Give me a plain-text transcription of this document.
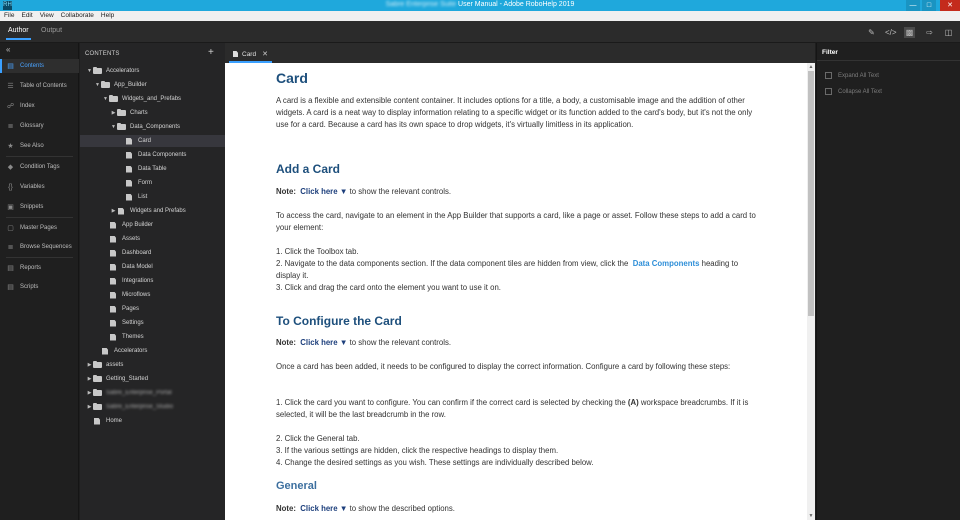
RH	Sabre Enterprise Suite User Manual - Adobe RoboHelp 2019	—	□	✕
File Edit View Collaborate Help
Author Output	✎ </> ▩ ⇨ ◫
«
▤ Contents
☰ Table of Contents
☍ Index
≣ Glossary
★ See Also
◆	Condition Tags
{}	Variables
▣ Snippets
▢ Master Pages
≣ Browse Sequences
▤ Reports
▤ Scripts
CONTENTS	+
▼ Accelerators
▼ App_Builder
▼ Widgets_and_Prefabs
▶ Charts
▼ Data_Components
Card
Data Components
Data Table
Form
List
▶ Widgets and Prefabs
App Builder
Assets
Dashboard
Data Model
Integrations
Microflows
Pages
Settings
Themes
Accelerators
▶ assets
▶ Getting_Started
▶ Sabre_Enterprise_Portal
▶ Sabre_Enterprise_Studio
Home
Card ✕
Card
A card is a flexible and extensible content container. It includes options for a title, a body, a customisable image and the addition of other widgets. A card is a neat way to display information relating to a specific widget or its function added to the card's body, but it's not the only use for a card. Because a card has its own space to drop widgets, it's virtually limitless in its application.
Add a Card
Note: Click here ▼ to show the relevant controls.
To access the card, navigate to an element in the App Builder that supports a card, like a page or asset. Follow these steps to add a card to your element:
1. Click the Toolbox tab.
2. Navigate to the data components section. If the data component tiles are hidden from view, click the Data Components heading to display it.
3. Click and drag the card onto the element you want to use it on.
To Configure the Card
Note: Click here ▼ to show the relevant controls.
Once a card has been added, it needs to be configured to display the correct information. Configure a card by following these steps:
1. Click the card you want to configure. You can confirm if the correct card is selected by checking the (A) workspace breadcrumbs. If it is selected, it will be the last breadcrumb in the row.
2. Click the General tab.
3. If the various settings are hidden, click the respective headings to display them.
4. Change the desired settings as you wish. These settings are individually described below.
General
Note: Click here ▼ to show the described options.
▲
▼
Filter
Expand All Text
Collapse All Text
